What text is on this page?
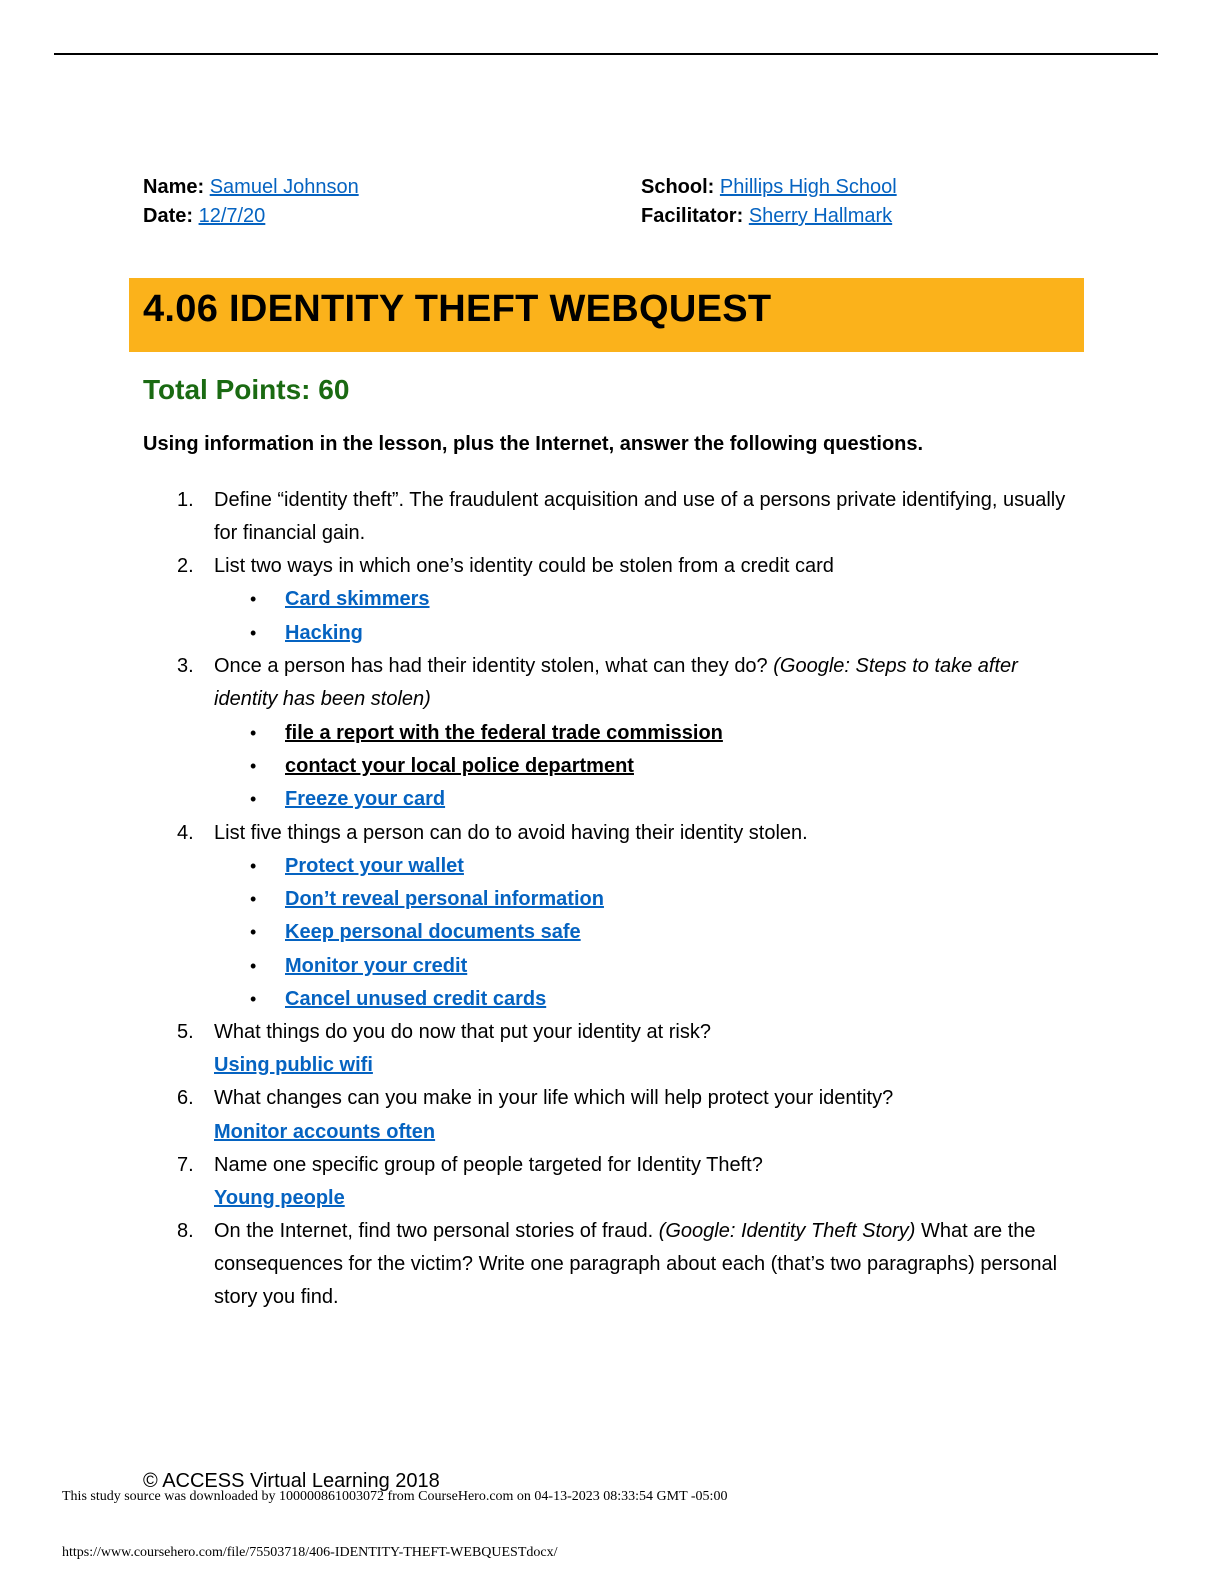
Name: Samuel Johnson
Date: 12/7/20
School: Phillips High School
Facilitator: Sherry Hallmark
4.06 IDENTITY THEFT WEBQUEST
Total Points: 60
Using information in the lesson, plus the Internet, answer the following questions.
1. Define “identity theft”. The fraudulent acquisition and use of a persons private identifying, usually for financial gain.
2. List two ways in which one’s identity could be stolen from a credit card
• Card skimmers
• Hacking
3. Once a person has had their identity stolen, what can they do? (Google: Steps to take after identity has been stolen)
• file a report with the federal trade commission
• contact your local police department
• Freeze your card
4. List five things a person can do to avoid having their identity stolen.
• Protect your wallet
• Don’t reveal personal information
• Keep personal documents safe
• Monitor your credit
• Cancel unused credit cards
5. What things do you do now that put your identity at risk?
Using public wifi
6. What changes can you make in your life which will help protect your identity?
Monitor accounts often
7. Name one specific group of people targeted for Identity Theft?
Young people
8. On the Internet, find two personal stories of fraud. (Google: Identity Theft Story) What are the consequences for the victim? Write one paragraph about each (that’s two paragraphs) personal story you find.
© ACCESS Virtual Learning 2018
This study source was downloaded by 100000861003072 from CourseHero.com on 04-13-2023 08:33:54 GMT -05:00
https://www.coursehero.com/file/75503718/406-IDENTITY-THEFT-WEBQUESTdocx/
